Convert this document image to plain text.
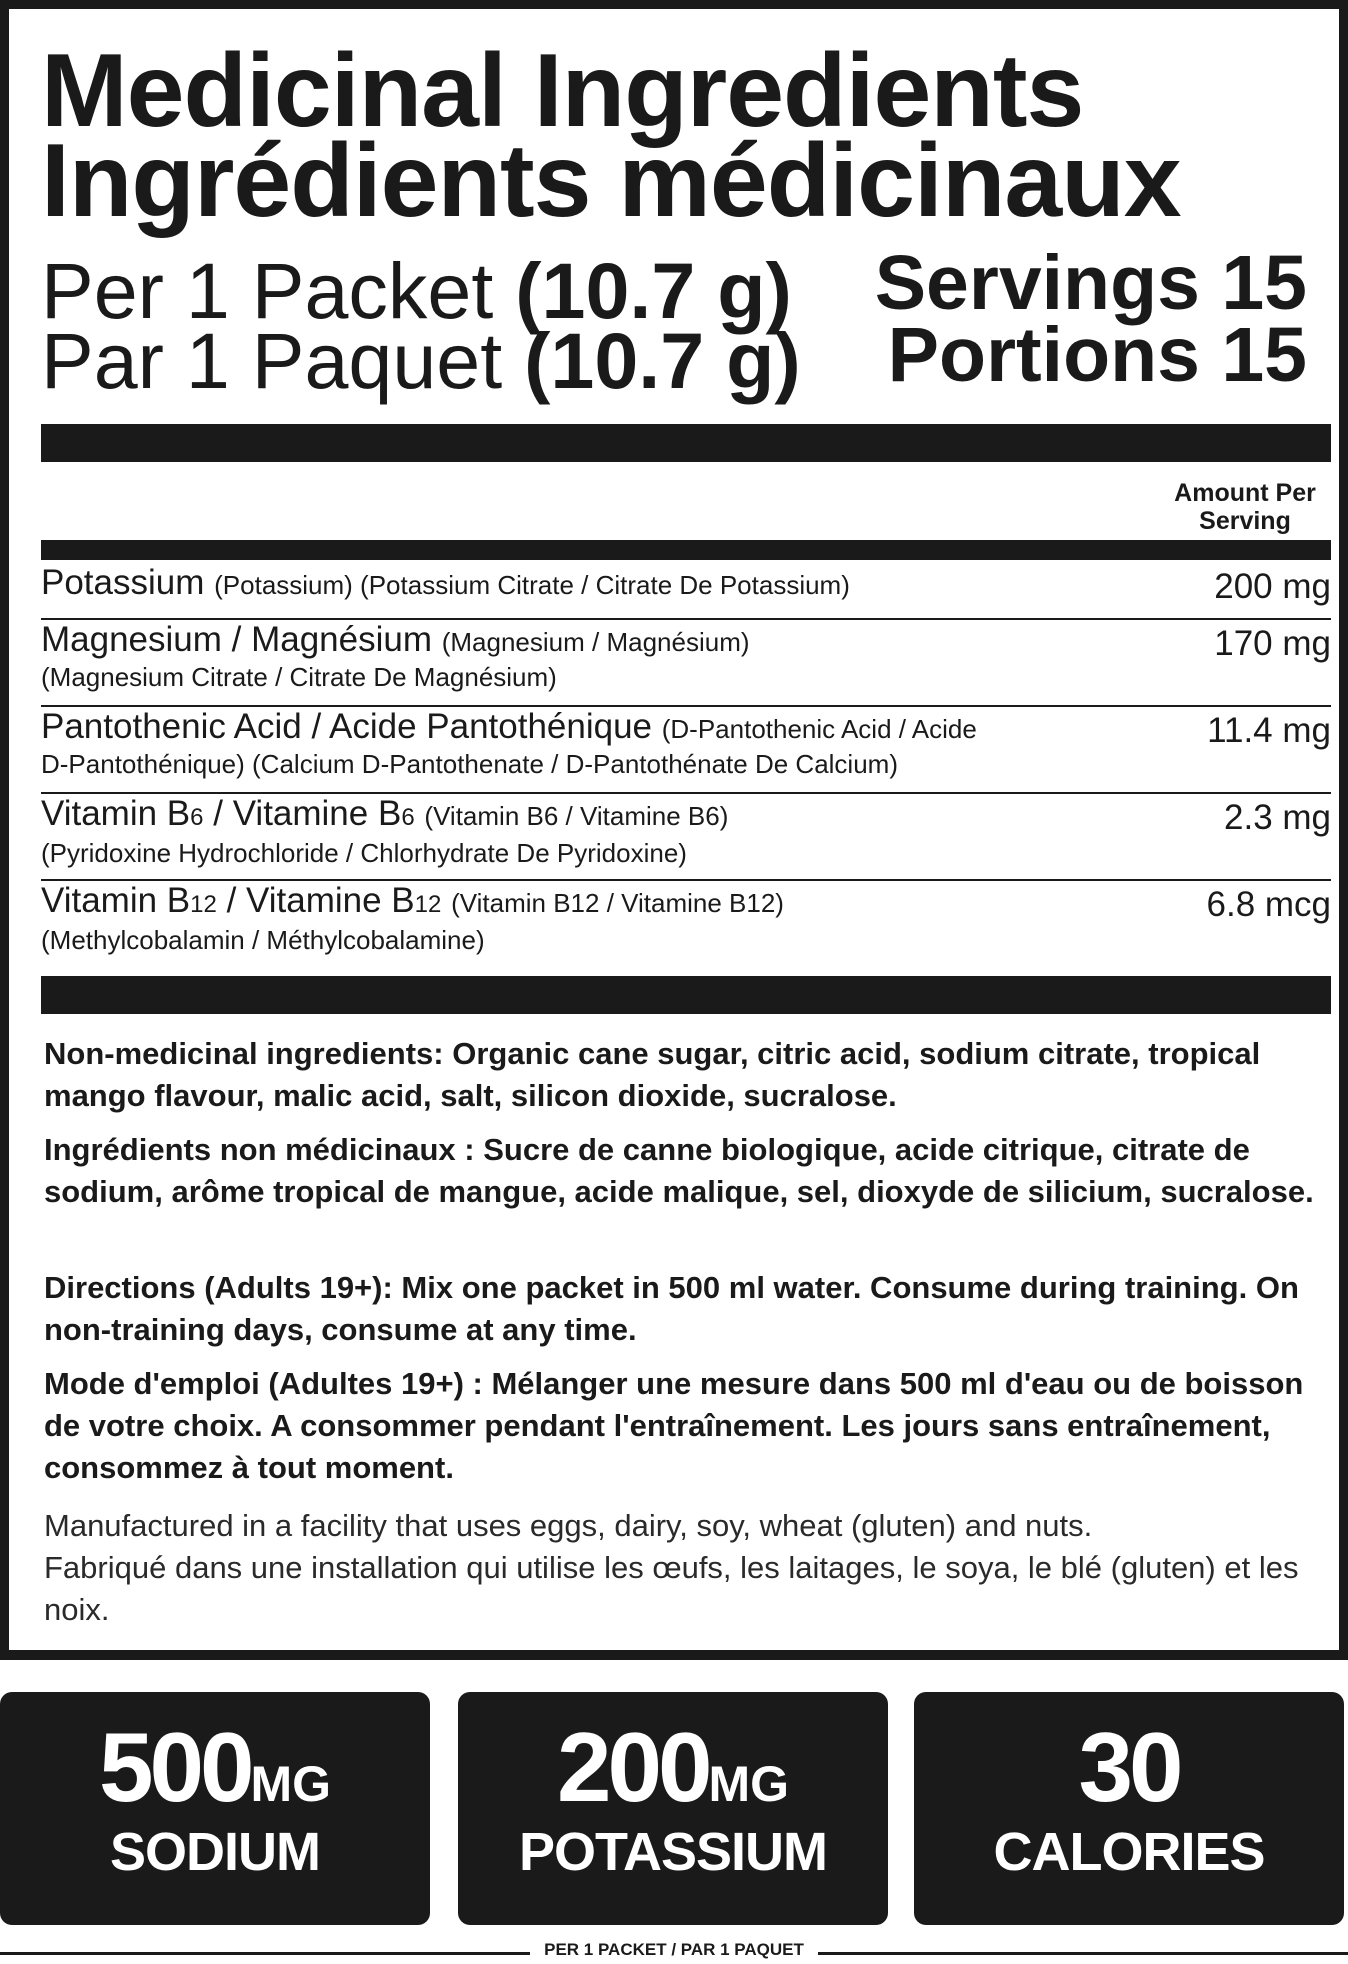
Medicinal Ingredients
Ingrédients médicinaux

Per 1 Packet (10.7 g)

Par 1 Paquet (10.7 g)

Servings 15

Portions 15

Amount Per
Serving
Potassium (Potassium) (Potassium Citrate / Citrate De Potassium)	200 mg
Magnesium / Magnésium (Magnesium / Magnésium)
(Magnesium Citrate / Citrate De Magnésium)
170 mg
Pantothenic Acid / Acide Pantothénique (D-Pantothenic Acid / Acide
D-Pantothénique) (Calcium D-Pantothenate / D-Pantothénate De Calcium)
11.4 mg
Vitamin B6 / Vitamine B6 (Vitamin B6 / Vitamine B6)
(Pyridoxine Hydrochloride / Chlorhydrate De Pyridoxine)
2.3 mg
Vitamin B12 / Vitamine B12 (Vitamin B12 / Vitamine B12)
(Methylcobalamin / Méthylcobalamine)
6.8 mcg

Non-medicinal ingredients: Organic cane sugar, citric acid, sodium citrate, tropical mango flavour, malic acid, salt, silicon dioxide, sucralose.

Ingrédients non médicinaux : Sucre de canne biologique, acide citrique, citrate de sodium, arôme tropical de mangue, acide malique, sel, dioxyde de silicium, sucralose.

Directions (Adults 19+): Mix one packet in 500 ml water. Consume during training. On non-training days, consume at any time.

Mode d'emploi (Adultes 19+) : Mélanger une mesure dans 500 ml d'eau ou de boisson de votre choix. A consommer pendant l'entraînement. Les jours sans entraînement, consommez à tout moment.

Manufactured in a facility that uses eggs, dairy, soy, wheat (gluten) and nuts.

Fabriqué dans une installation qui utilise les œufs, les laitages, le soya, le blé (gluten) et les noix.

500MG
SODIUM
200MG
POTASSIUM
30
CALORIES
PER 1 PACKET / PAR 1 PAQUET
